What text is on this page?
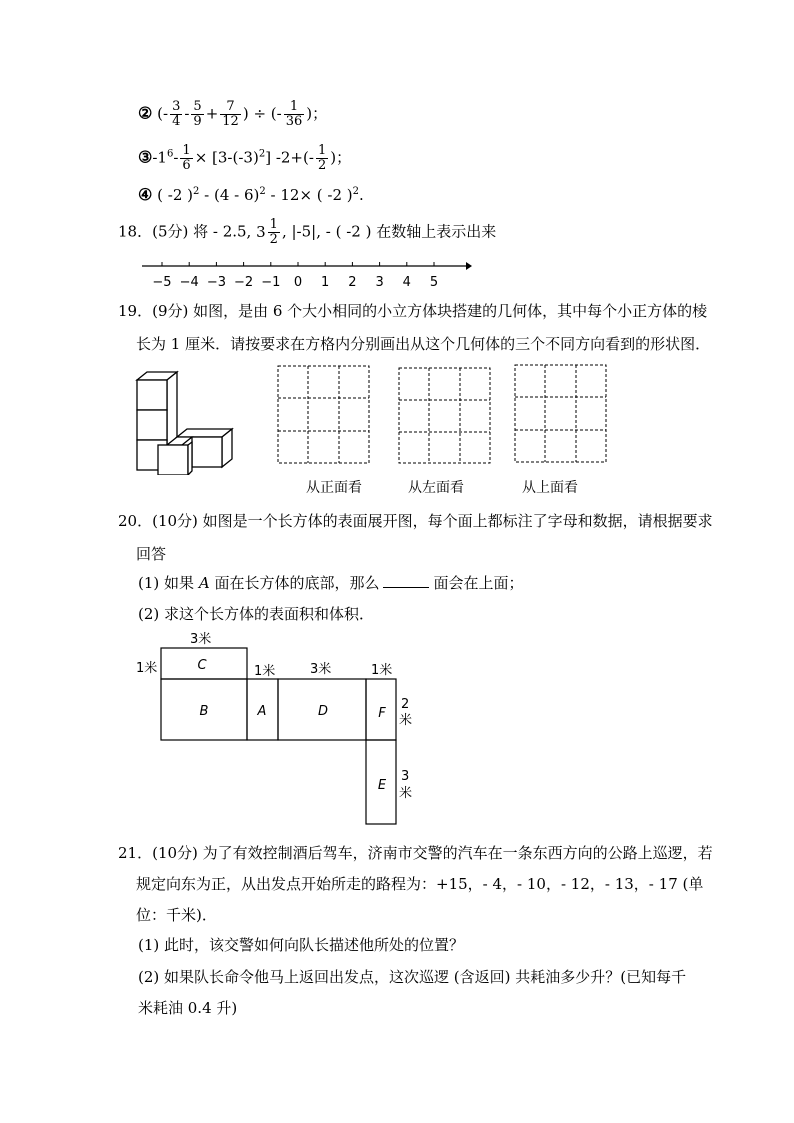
② (- $\frac{3}{4} - \frac{5}{9} + \frac{7}{12}$ ) ÷ (- $\frac{1}{36}$ )；
$③-1^6- \frac{1}{6} \times [3-(-3)^2]$ $-2+(- \frac{1}{2}$ )；
④ ( -2 )$^2$ - (4 - 6)$^2$ - 12× ( -2 )$^2$.
18．(5分) 将 - 2.5, $3 \frac{1}{2}$ , |-5|, - ( -2 ) 在数轴上表示出来
−5 −4 −3 −2 −1 0 1 2 3 4 5
19．(9分) 如图，是由 6 个大小相同的小立方体块搭建的几何体，其中每个小正方体的棱
长为 1 厘米．请按要求在方格内分别画出从这个几何体的三个不同方向看到的形状图．
从正面看	从左面看	从上面看
20．(10分) 如图是一个长方体的表面展开图，每个面上都标注了字母和数据，请根据要求
回答
(1) 如果 A 面在长方体的底部，那么	面会在上面；
(2) 求这个长方体的表面积和体积．
C
B	A	D	F
E
3米
1米	1米	3米	1米
2
米
3
米
21．(10分) 为了有效控制酒后驾车，济南市交警的汽车在一条东西方向的公路上巡逻，若
规定向东为正，从出发点开始所走的路程为：+15，- 4，- 10，- 12，- 13，- 17 (单
位：千米)．
(1) 此时，该交警如何向队长描述他所处的位置？
(2) 如果队长命令他马上返回出发点，这次巡逻 (含返回) 共耗油多少升？(已知每千
米耗油 0.4 升)
